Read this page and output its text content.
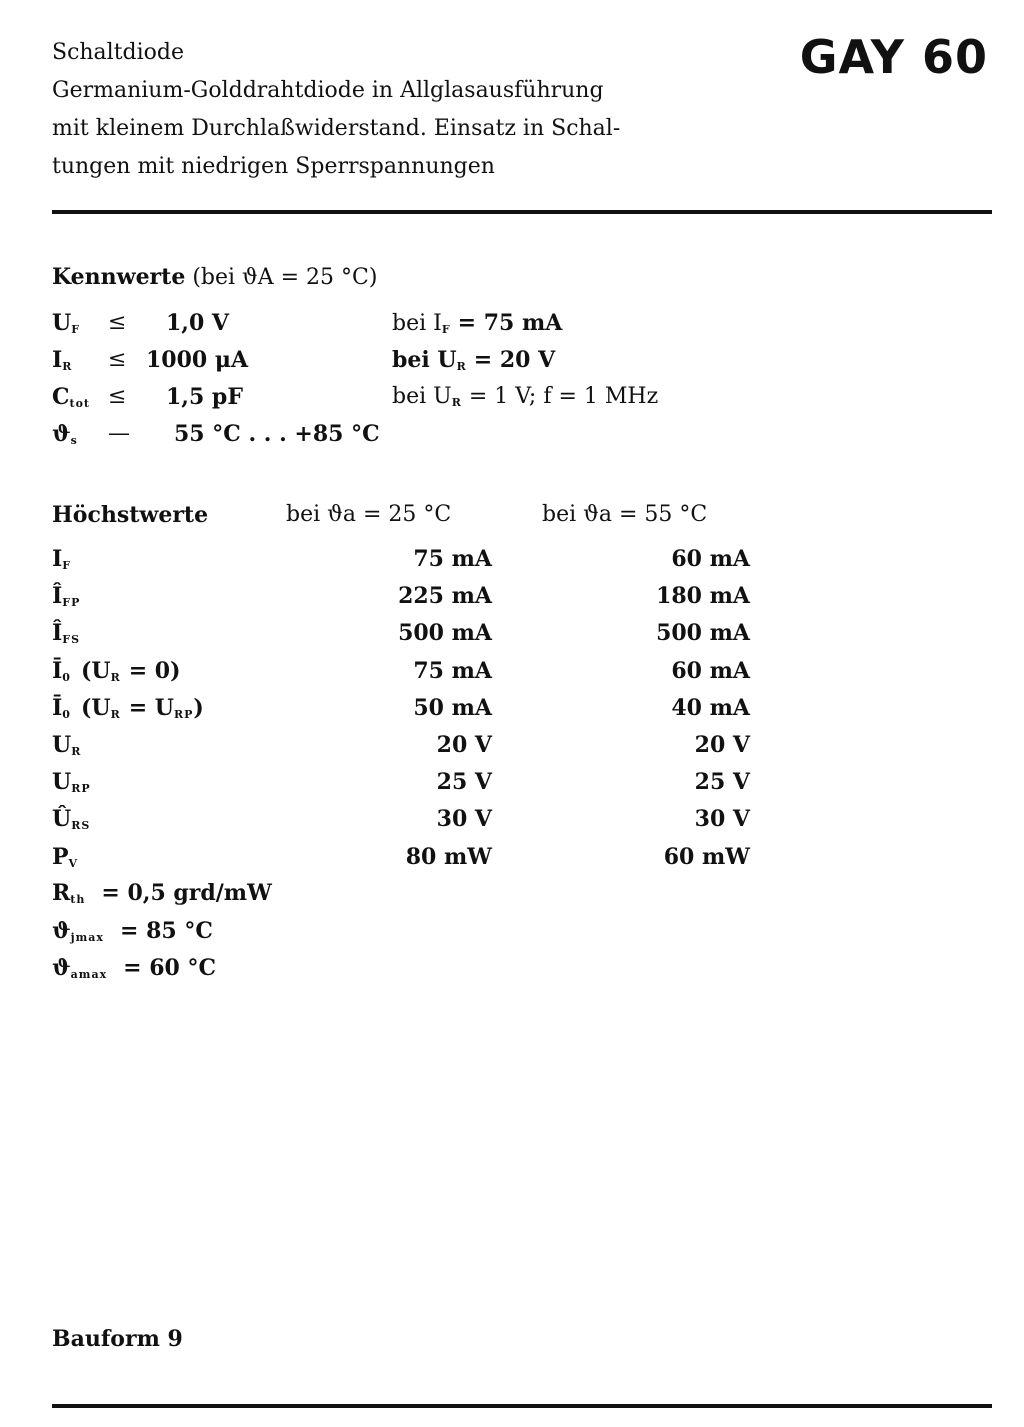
Schaltdiode
Germanium-Golddrahtdiode in Allglasausführung
mit kleinem Durchlaßwiderstand. Einsatz in Schal-
tungen mit niedrigen Sperrspannungen
GAY 60
Kennwerte (bei ϑA = 25 °C)
$U_F \le 1,0$ V	bei $I_F = 75$ mA
$I_R \le 1000$ μA	bei $U_R = 20$ V
$C_{tot} \le 1,5$ pF	bei $U_R = 1$ V; f = 1 MHz
$ϑ_s$ — 55 °C . . . +85 °C
Höchstwerte	bei ϑa = 25 °C	bei ϑa = 55 °C
$I_F$	75 mA	60 mA
$Î_{FP}$	225 mA	180 mA
$Î_{FS}$	500 mA	500 mA
$Ī_0$ $(U_R = 0)$	75 mA	60 mA
$Ī_0$ $(U_R = U_{RP})$	50 mA	40 mA
$U_R$	20 V	20 V
$U_{RP}$	25 V	25 V
$Û_{RS}$	30 V	30 V
$P_V$	80 mW	60 mW
$R_{th} = 0,5$ grd/mW
$ϑ_{jmax} = 85$ °C
$ϑ_{amax} = 60$ °C
Bauform 9
